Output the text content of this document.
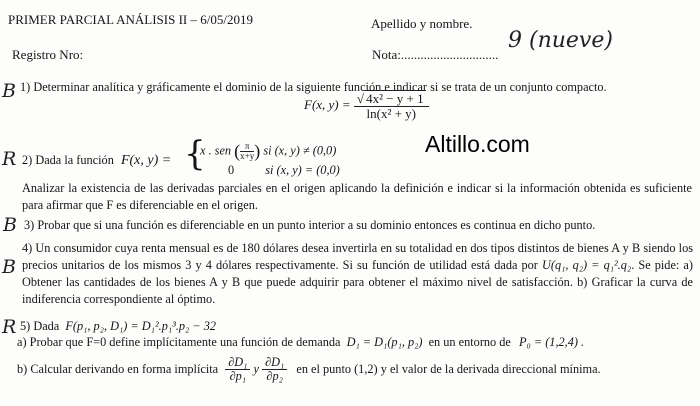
PRIMER PARCIAL ANÁLISIS II – 6/05/2019	Apellido y nombre.
Registro Nro:	Nota:..............................
9 (nueve)
Altillo.com
B
R
B
B
R
1) Determinar analítica y gráficamente el dominio de la siguiente función e indicar si se trata de un conjunto compacto.
F(x, $y) = \frac{\text{√ 4x² − y + 1}}{\text{ln(x² + y)}}$
2) Dada la función F(x, y) = {
x . sen ( $\frac{\pi}{x+y}$ ) si (x, y) ≠ (0,0)
0	si (x, y) = (0,0)
Analizar la existencia de las derivadas parciales en el origen aplicando la definición e indicar si la información obtenida es suficiente para afirmar que F es diferenciable en el origen.
3) Probar que si una función es diferenciable en un punto interior a su dominio entonces es continua en dicho punto.
4) Un consumidor cuya renta mensual es de 180 dólares desea invertirla en su totalidad en dos tipos distintos de bienes A y B siendo los precios unitarios de los mismos 3 y 4 dólares respectivamente. Si su función de utilidad está dada por U(q₁, q₂) = q₁².q₂. Se pide: a) Obtener las cantidades de los bienes A y B que puede adquirir para obtener el máximo nivel de satisfacción. b) Graficar la curva de indiferencia correspondiente al óptimo.
5) Dada F(p₁, p₂, D₁) = D₁².p₁³.p₂ − 32
a) Probar que F=0 define implícitamente una función de demanda D₁ = D₁(p₁, p₂) en un entorno de P₀ = (1,2,4) .
b) Calcular derivando en forma implícita $\frac{\text{∂D₁}}{\text{∂p₁}}$ y $\frac{\text{∂D₁}}{\text{∂p₂}}$ en el punto (1,2) y el valor de la derivada direccional mínima.
